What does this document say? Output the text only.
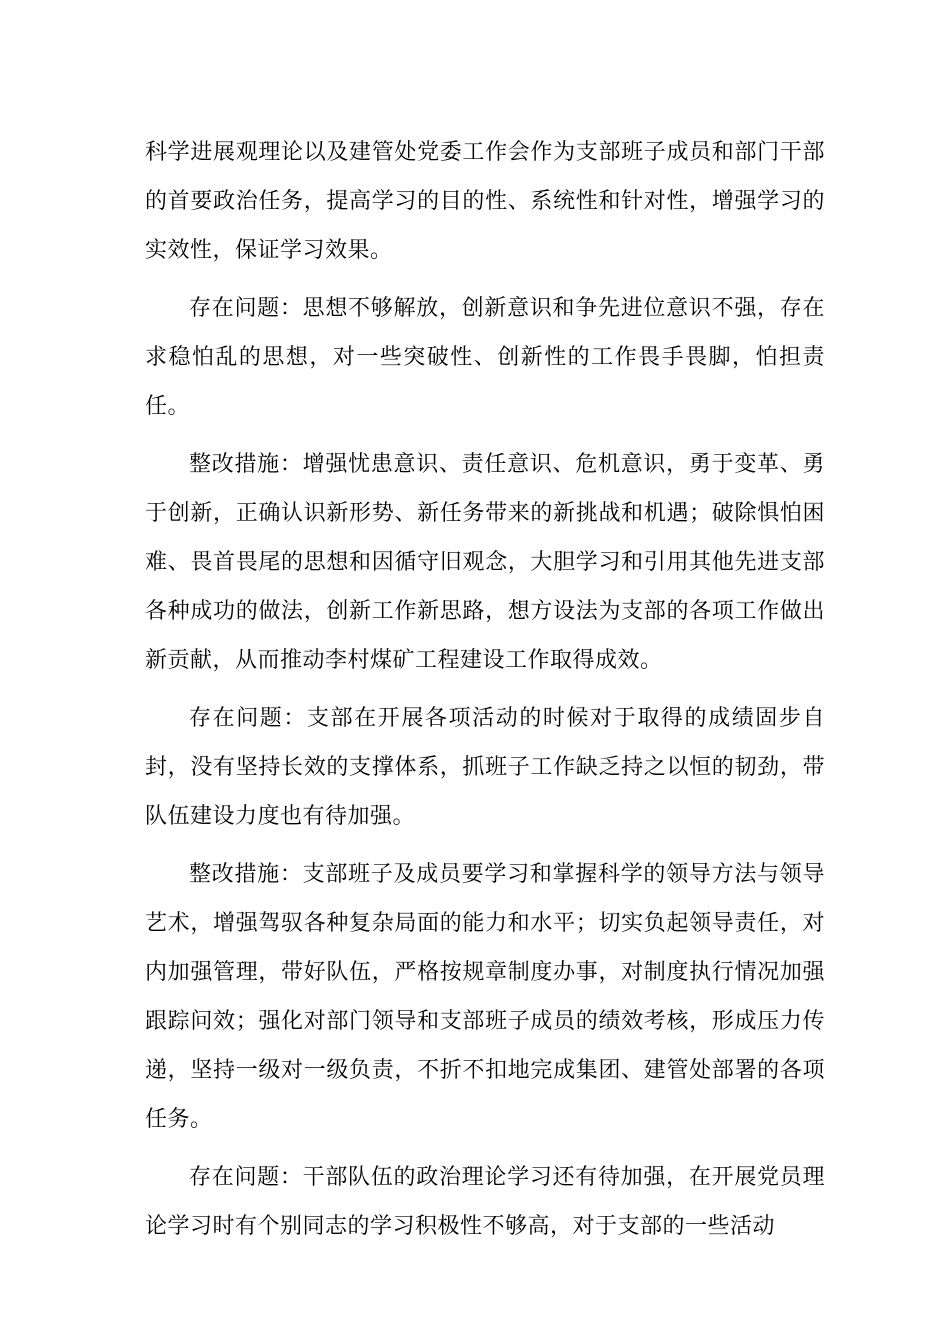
科学进展观理论以及建管处党委工作会作为支部班子成员和部门干部的首要政治任务，提高学习的目的性、系统性和针对性，增强学习的实效性，保证学习效果。

存在问题：思想不够解放，创新意识和争先进位意识不强，存在求稳怕乱的思想，对一些突破性、创新性的工作畏手畏脚，怕担责任。

整改措施：增强忧患意识、责任意识、危机意识，勇于变革、勇于创新，正确认识新形势、新任务带来的新挑战和机遇；破除惧怕困难、畏首畏尾的思想和因循守旧观念，大胆学习和引用其他先进支部各种成功的做法，创新工作新思路，想方设法为支部的各项工作做出新贡献，从而推动李村煤矿工程建设工作取得成效。

存在问题：支部在开展各项活动的时候对于取得的成绩固步自封，没有坚持长效的支撑体系，抓班子工作缺乏持之以恒的韧劲，带队伍建设力度也有待加强。

整改措施：支部班子及成员要学习和掌握科学的领导方法与领导艺术，增强驾驭各种复杂局面的能力和水平；切实负起领导责任，对内加强管理，带好队伍，严格按规章制度办事，对制度执行情况加强跟踪问效；强化对部门领导和支部班子成员的绩效考核，形成压力传递，坚持一级对一级负责，不折不扣地完成集团、建管处部署的各项任务。

存在问题：干部队伍的政治理论学习还有待加强，在开展党员理论学习时有个别同志的学习积极性不够高，对于支部的一些活动
